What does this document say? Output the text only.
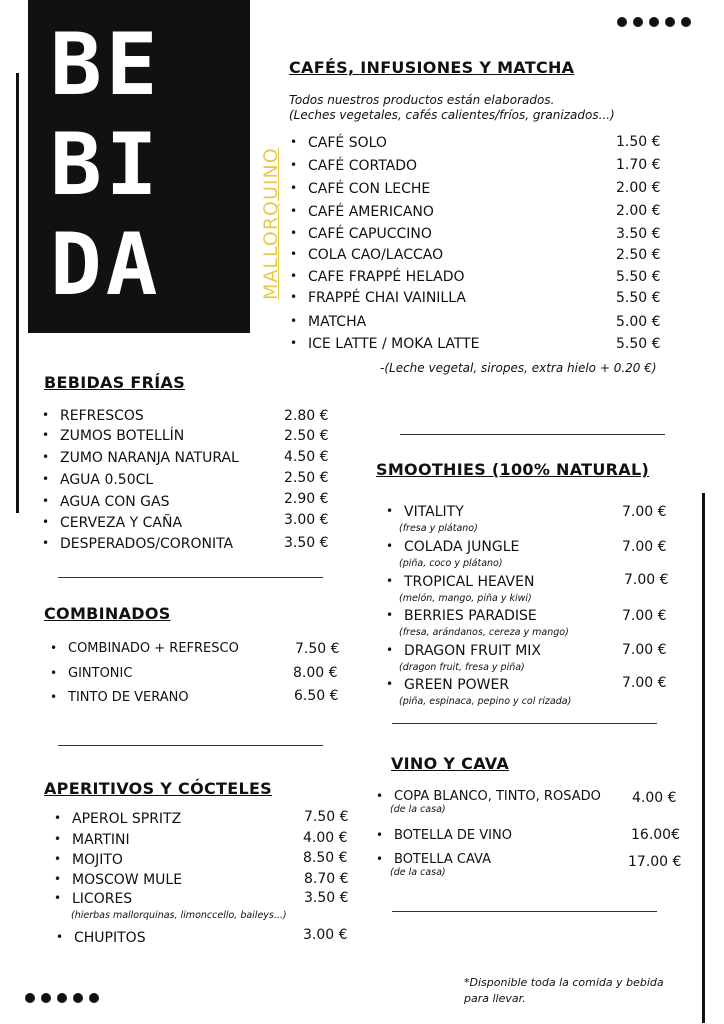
BE
BI
DA	MALLORQUINO
CAFÉS, INFUSIONES Y MATCHA
Todos nuestros productos están elaborados.
(Leches vegetales, cafés calientes/fríos, granizados...)
• CAFÉ SOLO	1.50 €
• CAFÉ CORTADO	1.70 €
• CAFÉ CON LECHE	2.00 €
• CAFÉ AMERICANO	2.00 €
• CAFÉ CAPUCCINO	3.50 €
• COLA CAO/LACCAO	2.50 €
• CAFE FRAPPÉ HELADO	5.50 €
• FRAPPÉ CHAI VAINILLA	5.50 €
• MATCHA	5.00 €
• ICE LATTE / MOKA LATTE	5.50 €
-(Leche vegetal, siropes, extra hielo + 0.20 €)
BEBIDAS FRÍAS
• REFRESCOS	2.80 €
• ZUMOS BOTELLÍN	2.50 €
• ZUMO NARANJA NATURAL	4.50 €
• AGUA 0.50CL	2.50 €
• AGUA CON GAS	2.90 €
• CERVEZA Y CAÑA	3.00 €
• DESPERADOS/CORONITA	3.50 €
SMOOTHIES (100% NATURAL)
• VITALITY
(fresa y plátano)
7.00 €
• COLADA JUNGLE
(piña, coco y plátano)
7.00 €
• TROPICAL HEAVEN
(melón, mango, piña y kiwi)
7.00 €
• BERRIES PARADISE
(fresa, arándanos, cereza y mango)
7.00 €
• DRAGON FRUIT MIX
(dragon fruit, fresa y piña)
7.00 €
• GREEN POWER
(piña, espinaca, pepino y col rizada)
7.00 €
COMBINADOS
• COMBINADO + REFRESCO	7.50 €
• GINTONIC	8.00 €
• TINTO DE VERANO	6.50 €
VINO Y CAVA
• COPA BLANCO, TINTO, ROSADO
(de la casa)
4.00 €
• BOTELLA DE VINO	16.00€
• BOTELLA CAVA
(de la casa)
17.00 €
APERITIVOS Y CÓCTELES
• APEROL SPRITZ	7.50 €
• MARTINI	4.00 €
• MOJITO	8.50 €
• MOSCOW MULE	8.70 €
• LICORES	3.50 €
(hierbas mallorquinas, limonccello, baileys...)
• CHUPITOS	3.00 €
*Disponible toda la comida y bebida
para llevar.
